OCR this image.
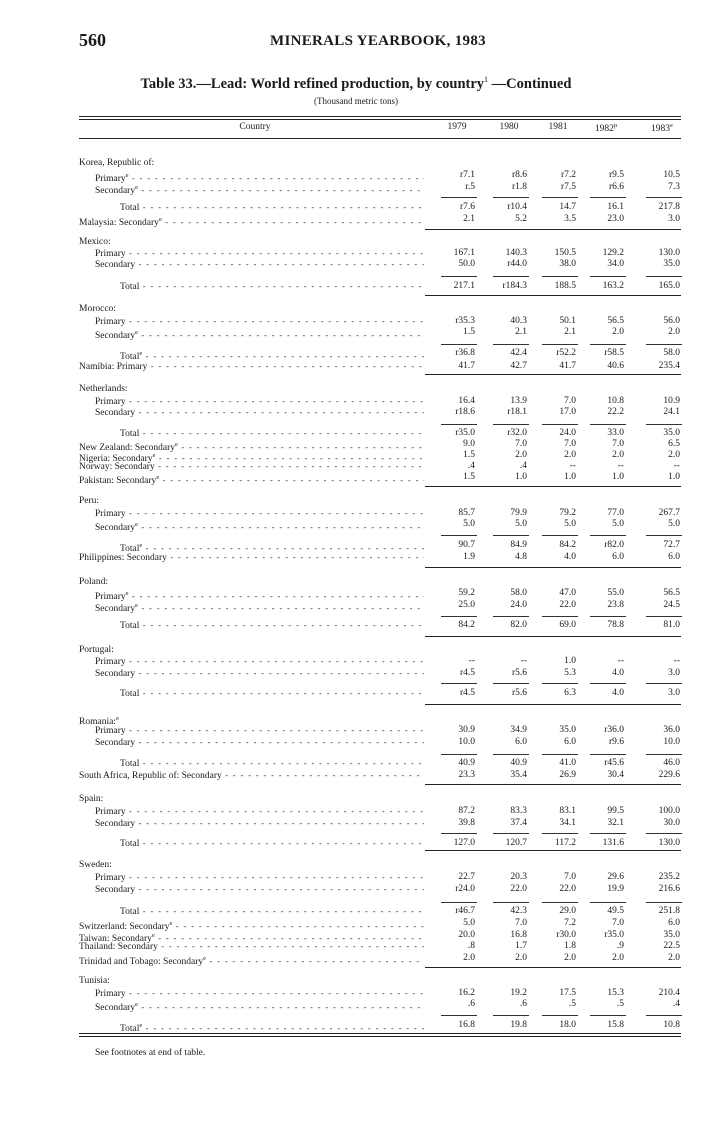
560	MINERALS YEARBOOK, 1983
Table 33.—Lead: World refined production, by country$^1$ —Continued
(Thousand metric tons)
Country	1979	1980	1981	1982$^p$	1983e
Korea, Republic of:
Primary$^e$ - - -	r7.1	r8.6	r7.2	r9.5	10.5
Secondary$^e$ - - -	r.5	r1.8	r7.5	r6.6	7.3
Total - - -	r7.6	r10.4	14.7	16.1	217.8
Malaysia: Secondary$^e$ - - -	2.1	5.2	3.5	23.0	3.0
Mexico:
Primary - - -	167.1	140.3	150.5	129.2	130.0
Secondary - - -	50.0	r44.0	38.0	34.0	35.0
Total - - -	217.1	r184.3	188.5	163.2	165.0
Morocco:
Primary - - -	r35.3	40.3	50.1	56.5	56.0
Secondary$^e$ - - -	1.5	2.1	2.1	2.0	2.0
Total$^e$ - - -	r36.8	42.4	r52.2	r58.5	58.0
Namibia: Primary - - -	41.7	42.7	41.7	40.6	235.4
Netherlands:
Primary - - -	16.4	13.9	7.0	10.8	10.9
Secondary - - -	r18.6	r18.1	17.0	22.2	24.1
Total - - -	r35.0	r32.0	24.0	33.0	35.0
New Zealand: Secondary$^e$ - - -	9.0	7.0	7.0	7.0	6.5
Nigeria: Secondary$^e$ - - -	1.5	2.0	2.0	2.0	2.0
Norway: Secondary - - -	.4	.4	--	--	--
Pakistan: Secondary$^e$ - - -	1.5	1.0	1.0	1.0	1.0
Peru:
Primary - - -	85.7	79.9	79.2	77.0	267.7
Secondary$^e$ - - -	5.0	5.0	5.0	5.0	5.0
Total$^e$ - - -	90.7	84.9	84.2	r82.0	72.7
Philippines: Secondary - - -	1.9	4.8	4.0	6.0	6.0
Poland:
Primary$^e$ - - -	59.2	58.0	47.0	55.0	56.5
Secondary$^e$ - - -	25.0	24.0	22.0	23.8	24.5
Total - - -	84.2	82.0	69.0	78.8	81.0
Portugal:
Primary - - -	--	--	1.0	--	--
Secondary - - -	r4.5	r5.6	5.3	4.0	3.0
Total - - -	r4.5	r5.6	6.3	4.0	3.0
Romania:$^e$
Primary - - -	30.9	34.9	35.0	r36.0	36.0
Secondary - - -	10.0	6.0	6.0	r9.6	10.0
Total - - -	40.9	40.9	41.0	r45.6	46.0
South Africa, Republic of: Secondary - - -	23.3	35.4	26.9	30.4	229.6
Spain:
Primary - - -	87.2	83.3	83.1	99.5	100.0
Secondary - - -	39.8	37.4	34.1	32.1	30.0
Total - - -	127.0	120.7	117.2	131.6	130.0
Sweden:
Primary - - -	22.7	20.3	7.0	29.6	235.2
Secondary - - -	r24.0	22.0	22.0	19.9	216.6
Total - - -	r46.7	42.3	29.0	49.5	251.8
Switzerland: Secondary$^e$ - - -	5.0	7.0	7.2	7.0	6.0
Taiwan: Secondary$^e$ - - -	20.0	16.8	r30.0	r35.0	35.0
Thailand: Secondary - - -	.8	1.7	1.8	.9	22.5
Trinidad and Tobago: Secondary$^e$ - - -	2.0	2.0	2.0	2.0	2.0
Tunisia:
Primary - - -	16.2	19.2	17.5	15.3	210.4
Secondary$^e$ - - -	.6	.6	.5	.5	.4
Total$^e$ - - -	16.8	19.8	18.0	15.8	10.8
See footnotes at end of table.
